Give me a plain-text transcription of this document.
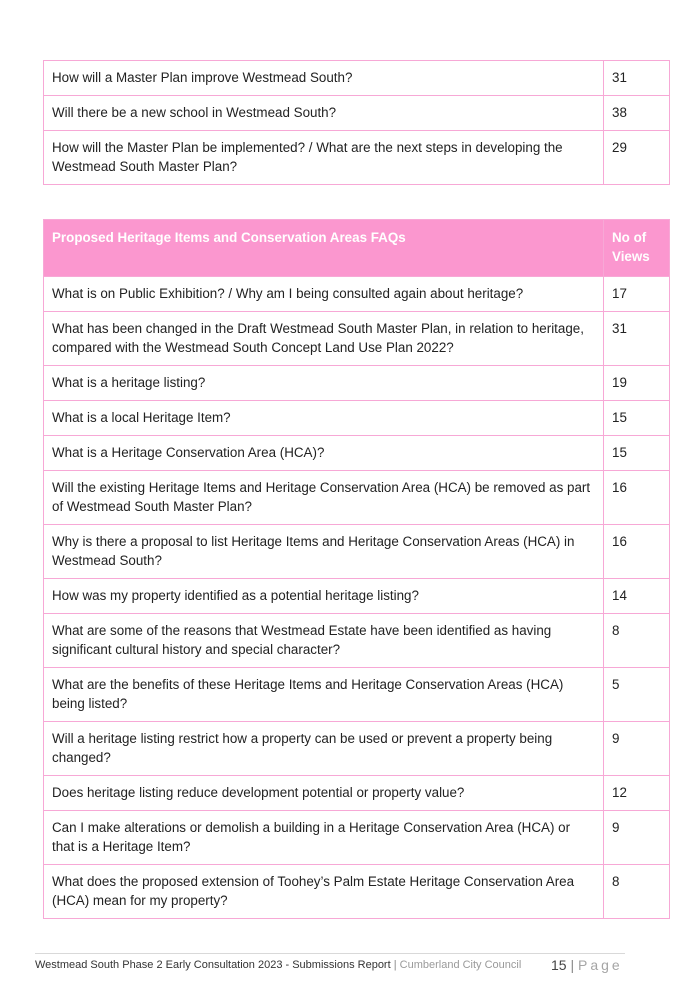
How will a Master Plan improve Westmead South?	31
Will there be a new school in Westmead South?	38
How will the Master Plan be implemented? / What are the next steps in developing the Westmead South Master Plan?	29
Proposed Heritage Items and Conservation Areas FAQs	No of Views
What is on Public Exhibition? / Why am I being consulted again about heritage?	17
What has been changed in the Draft Westmead South Master Plan, in relation to heritage, compared with the Westmead South Concept Land Use Plan 2022?	31
What is a heritage listing?	19
What is a local Heritage Item?	15
What is a Heritage Conservation Area (HCA)?	15
Will the existing Heritage Items and Heritage Conservation Area (HCA) be removed as part of Westmead South Master Plan?	16
Why is there a proposal to list Heritage Items and Heritage Conservation Areas (HCA) in Westmead South?	16
How was my property identified as a potential heritage listing?	14
What are some of the reasons that Westmead Estate have been identified as having significant cultural history and special character?	8
What are the benefits of these Heritage Items and Heritage Conservation Areas (HCA) being listed?	5
Will a heritage listing restrict how a property can be used or prevent a property being changed?	9
Does heritage listing reduce development potential or property value?	12
Can I make alterations or demolish a building in a Heritage Conservation Area (HCA) or that is a Heritage Item?	9
What does the proposed extension of Toohey’s Palm Estate Heritage Conservation Area (HCA) mean for my property?	8
Westmead South Phase 2 Early Consultation 2023 - Submissions Report | Cumberland City Council 15 | Page
